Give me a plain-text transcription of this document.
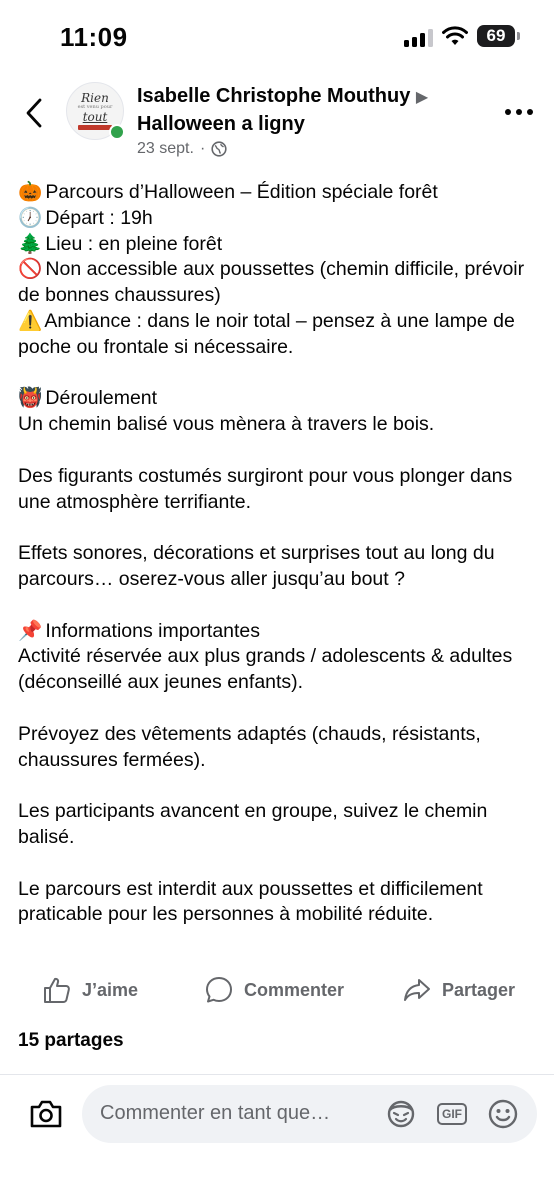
11:09	69
Rien
est venu pour
tout
Isabelle Christophe Mouthuy ▶
Halloween a ligny
23 sept. ·

🎃 Parcours d’Halloween – Édition spéciale forêt

🕖 Départ : 19h

🌲 Lieu : en pleine forêt

🚫 Non accessible aux poussettes (chemin difficile, prévoir de bonnes chaussures)

⚠️ Ambiance : dans le noir total – pensez à une lampe de poche ou frontale si nécessaire.

👹 Déroulement

Un chemin balisé vous mènera à travers le bois.

Des figurants costumés surgiront pour vous plonger dans une atmosphère terrifiante.

Effets sonores, décorations et surprises tout au long du parcours… oserez-vous aller jusqu’au bout ?

📌 Informations importantes

Activité réservée aux plus grands / adolescents & adultes (déconseillé aux jeunes enfants).

Prévoyez des vêtements adaptés (chauds, résistants, chaussures fermées).

Les participants avancent en groupe, suivez le chemin balisé.

Le parcours est interdit aux poussettes et difficilement praticable pour les personnes à mobilité réduite.

J’aime	Commenter	Partager
15 partages
Commenter en tant que…	GIF
